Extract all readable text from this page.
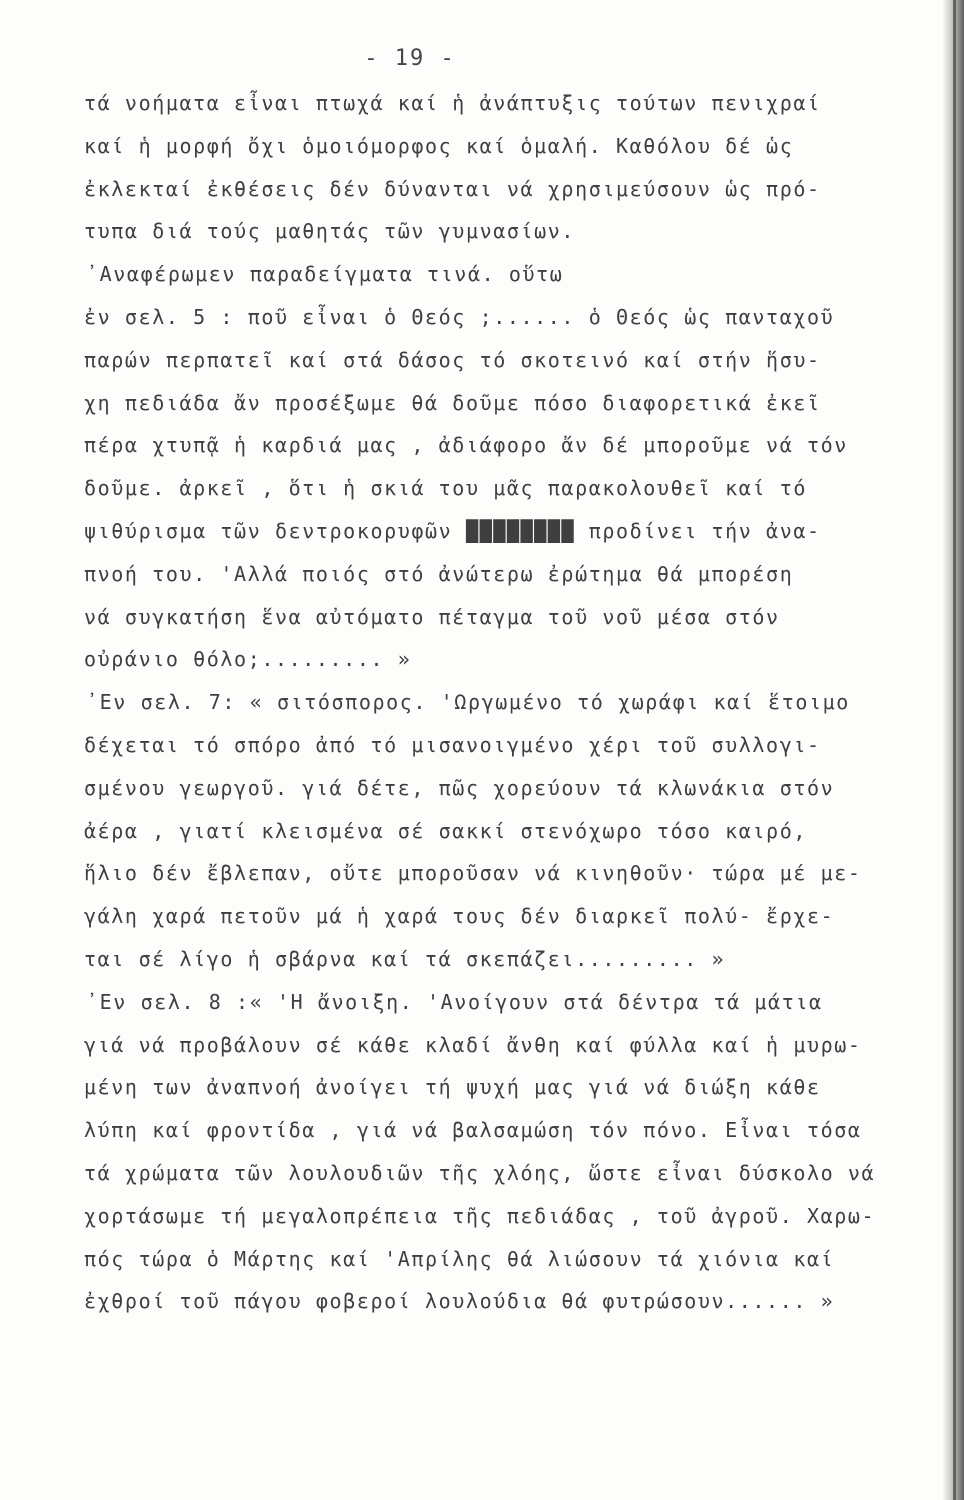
- 19 -
τά νοήματα εἶναι πτωχά καί ἡ ἀνάπτυξις τούτων πενιχραί
καί ἡ μορφή ὄχι ὁμοιόμορφος καί ὁμαλή. Καθόλου δέ ὡς
ἐκλεκταί ἐκθέσεις δέν δύνανται νά χρησιμεύσουν ὡς πρό-
τυπα διά τούς μαθητάς τῶν γυμνασίων.
᾿Αναφέρωμεν παραδείγματα τινά. οὕτω
ἐν σελ. 5 : ποῦ εἶναι ὁ Θεός ;...... ὁ Θεός ὡς πανταχοῦ
παρών περπατεῖ καί στά δάσος τό σκοτεινό καί στήν ἥσυ-
χη πεδιάδα ἄν προσέξωμε θά δοῦμε πόσο διαφορετικά ἐκεῖ
πέρα χτυπᾷ ἡ καρδιά μας , ἀδιάφορο ἄν δέ μποροῦμε νά τόν
δοῦμε. ἀρκεῖ , ὅτι ἡ σκιά του μᾶς παρακολουθεῖ καί τό
ψιθύρισμα τῶν δεντροκορυφῶν ████████ προδίνει τήν ἀνα-
πνοή του. 'Αλλά ποιός στό ἀνώτερω ἐρώτημα θά μπορέση
νά συγκατήση ἕνα αὐτόματο πέταγμα τοῦ νοῦ μέσα στόν
οὐράνιο θόλο;......... »
᾿Εν σελ. 7: « σιτόσπορος. 'Ωργωμένο τό χωράφι καί ἕτοιμο
δέχεται τό σπόρο ἀπό τό μισανοιγμένο χέρι τοῦ συλλογι-
σμένου γεωργοῦ. γιά δέτε, πῶς χορεύουν τά κλωνάκια στόν
ἀέρα , γιατί κλεισμένα σέ σακκί στενόχωρο τόσο καιρό,
ἥλιο δέν ἔβλεπαν, οὔτε μποροῦσαν νά κινηθοῦν· τώρα μέ με-
γάλη χαρά πετοῦν μά ἡ χαρά τους δέν διαρκεῖ πολύ- ἔρχε-
ται σέ λίγο ἡ σβάρνα καί τά σκεπάζει......... »
᾿Εν σελ. 8 :« 'Η ἄνοιξη. 'Ανοίγουν στά δέντρα τά μάτια
γιά νά προβάλουν σέ κάθε κλαδί ἄνθη καί φύλλα καί ἡ μυρω-
μένη των ἀναπνοή ἀνοίγει τή ψυχή μας γιά νά διώξη κάθε
λύπη καί φροντίδα , γιά νά βαλσαμώση τόν πόνο. Εἶναι τόσα
τά χρώματα τῶν λουλουδιῶν τῆς χλόης, ὥστε εἶναι δύσκολο νά
χορτάσωμε τή μεγαλοπρέπεια τῆς πεδιάδας , τοῦ ἀγροῦ. Χαρω-
πός τώρα ὁ Μάρτης καί 'Απρίλης θά λιώσουν τά χιόνια καί
ἐχθροί τοῦ πάγου φοβεροί λουλούδια θά φυτρώσουν...... »
